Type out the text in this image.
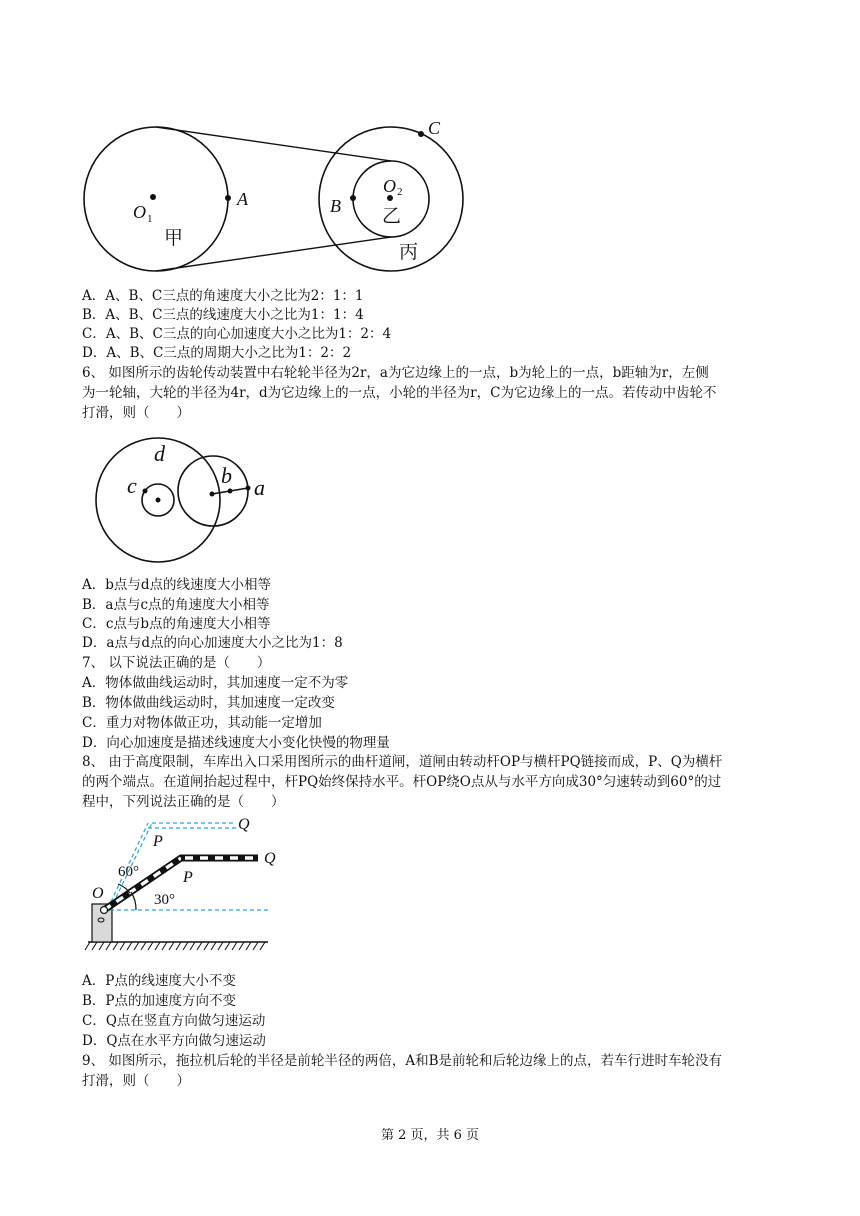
C
A	B
O 1
O 2
甲
乙
丙
A．A、B、C三点的角速度大小之比为2：1：1
B．A、B、C三点的线速度大小之比为1：1：4
C．A、B、C三点的向心加速度大小之比为1：2：4
D．A、B、C三点的周期大小之比为1：2：2
6、 如图所示的齿轮传动装置中右轮轮半径为2r，a为它边缘上的一点，b为轮上的一点，b距轴为r，左侧
为一轮轴，大轮的半径为4r，d为它边缘上的一点，小轮的半径为r，C为它边缘上的一点。若传动中齿轮不
打滑，则（　　）
d
c	b a
A．b点与d点的线速度大小相等
B．a点与c点的角速度大小相等
C．c点与b点的角速度大小相等
D．a点与d点的向心加速度大小之比为1：8
7、 以下说法正确的是（　　）
A．物体做曲线运动时，其加速度一定不为零
B．物体做曲线运动时，其加速度一定改变
C．重力对物体做正功，其动能一定增加
D．向心加速度是描述线速度大小变化快慢的物理量
8、 由于高度限制，车库出入口采用图所示的曲杆道闸，道闸由转动杆OP与横杆PQ链接而成，P、Q为横杆
的两个端点。在道闸抬起过程中，杆PQ始终保持水平。杆OP绕O点从与水平方向成30°匀速转动到60°的过
程中，下列说法正确的是（　　）
Q
P
60°
Q
P
O	30°
A．P点的线速度大小不变
B．P点的加速度方向不变
C．Q点在竖直方向做匀速运动
D．Q点在水平方向做匀速运动
9、 如图所示，拖拉机后轮的半径是前轮半径的两倍，A和B是前轮和后轮边缘上的点，若车行进时车轮没有
打滑，则（　　）
第 2 页，共 6 页
